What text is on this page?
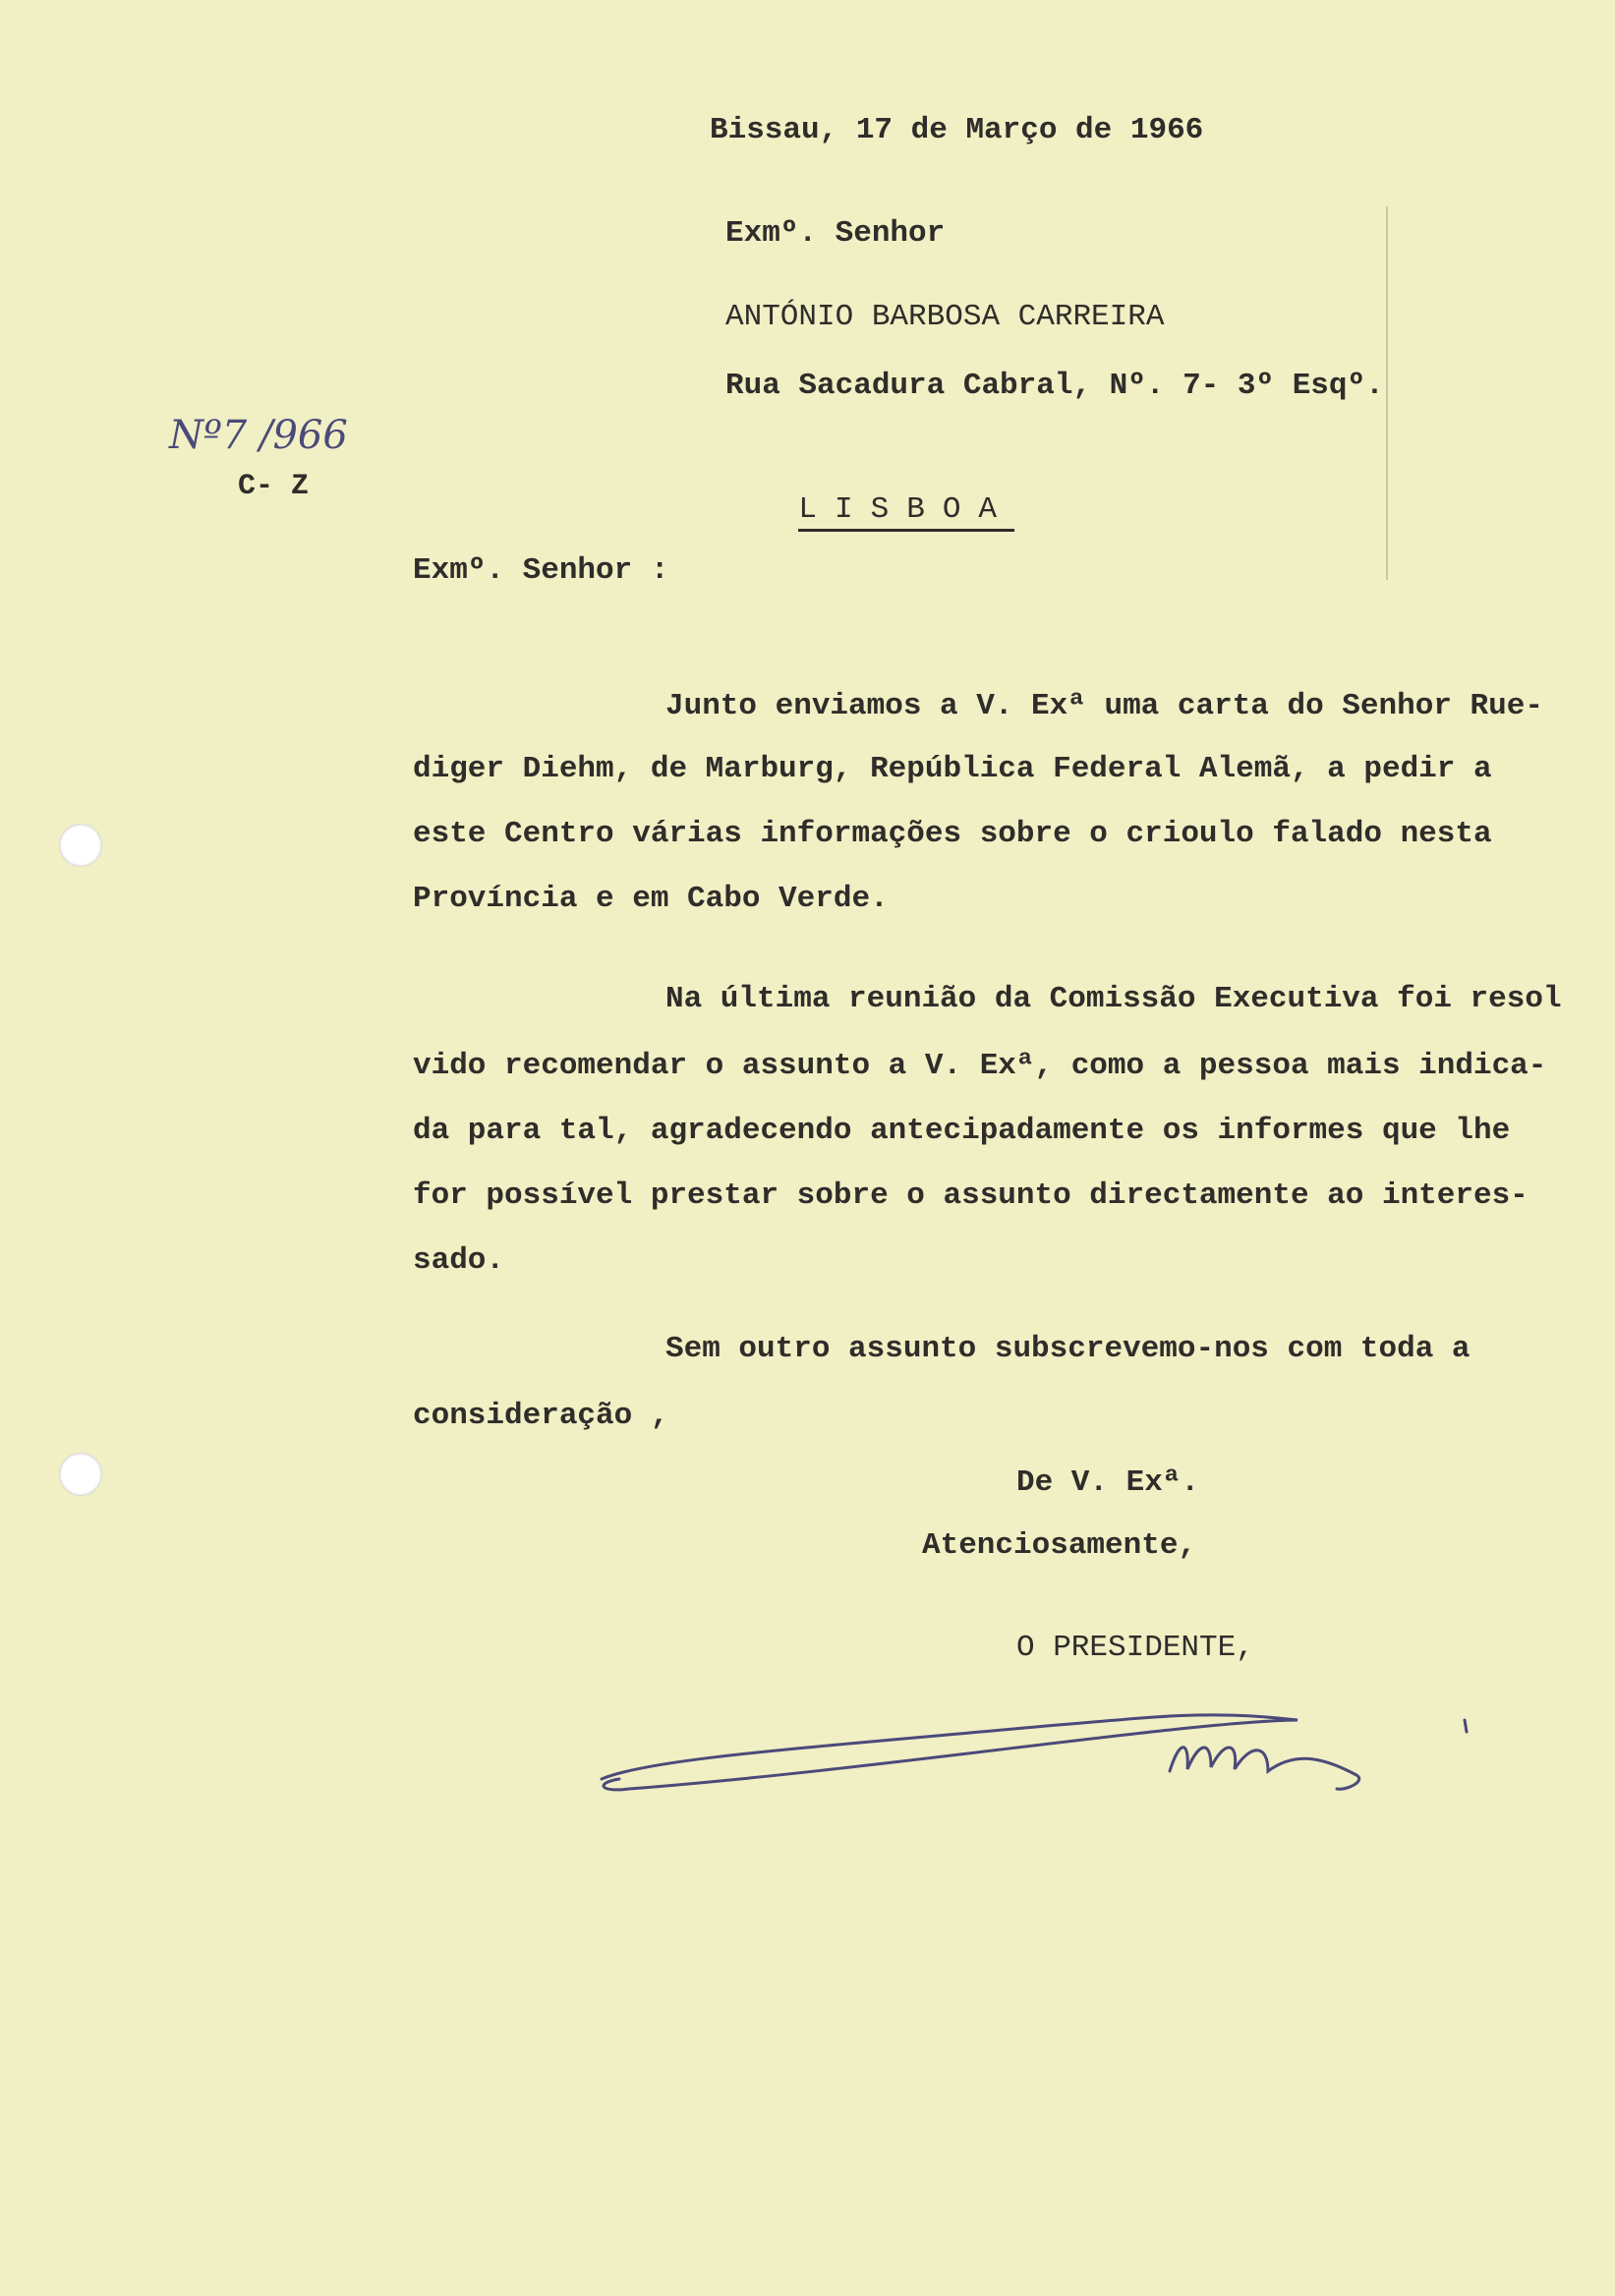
Bissau, 17 de Março de 1966
Exmº. Senhor
ANTÓNIO BARBOSA CARREIRA
Rua Sacadura Cabral, Nº. 7- 3º Esqº.

LISBOA

Nº7 /966
C- Z
Exmº. Senhor :
Junto enviamos a V. Exª uma carta do Senhor Rue-
diger Diehm, de Marburg, República Federal Alemã, a pedir a
este Centro várias informações sobre o crioulo falado nesta
Província e em Cabo Verde.
Na última reunião da Comissão Executiva foi resol
vido recomendar o assunto a V. Exª, como a pessoa mais indica-
da para tal, agradecendo antecipadamente os informes que lhe
for possível prestar sobre o assunto directamente ao interes-
sado.
Sem outro assunto subscrevemo-nos com toda a
consideração ,
De V. Exª.
Atenciosamente,
O PRESIDENTE,
